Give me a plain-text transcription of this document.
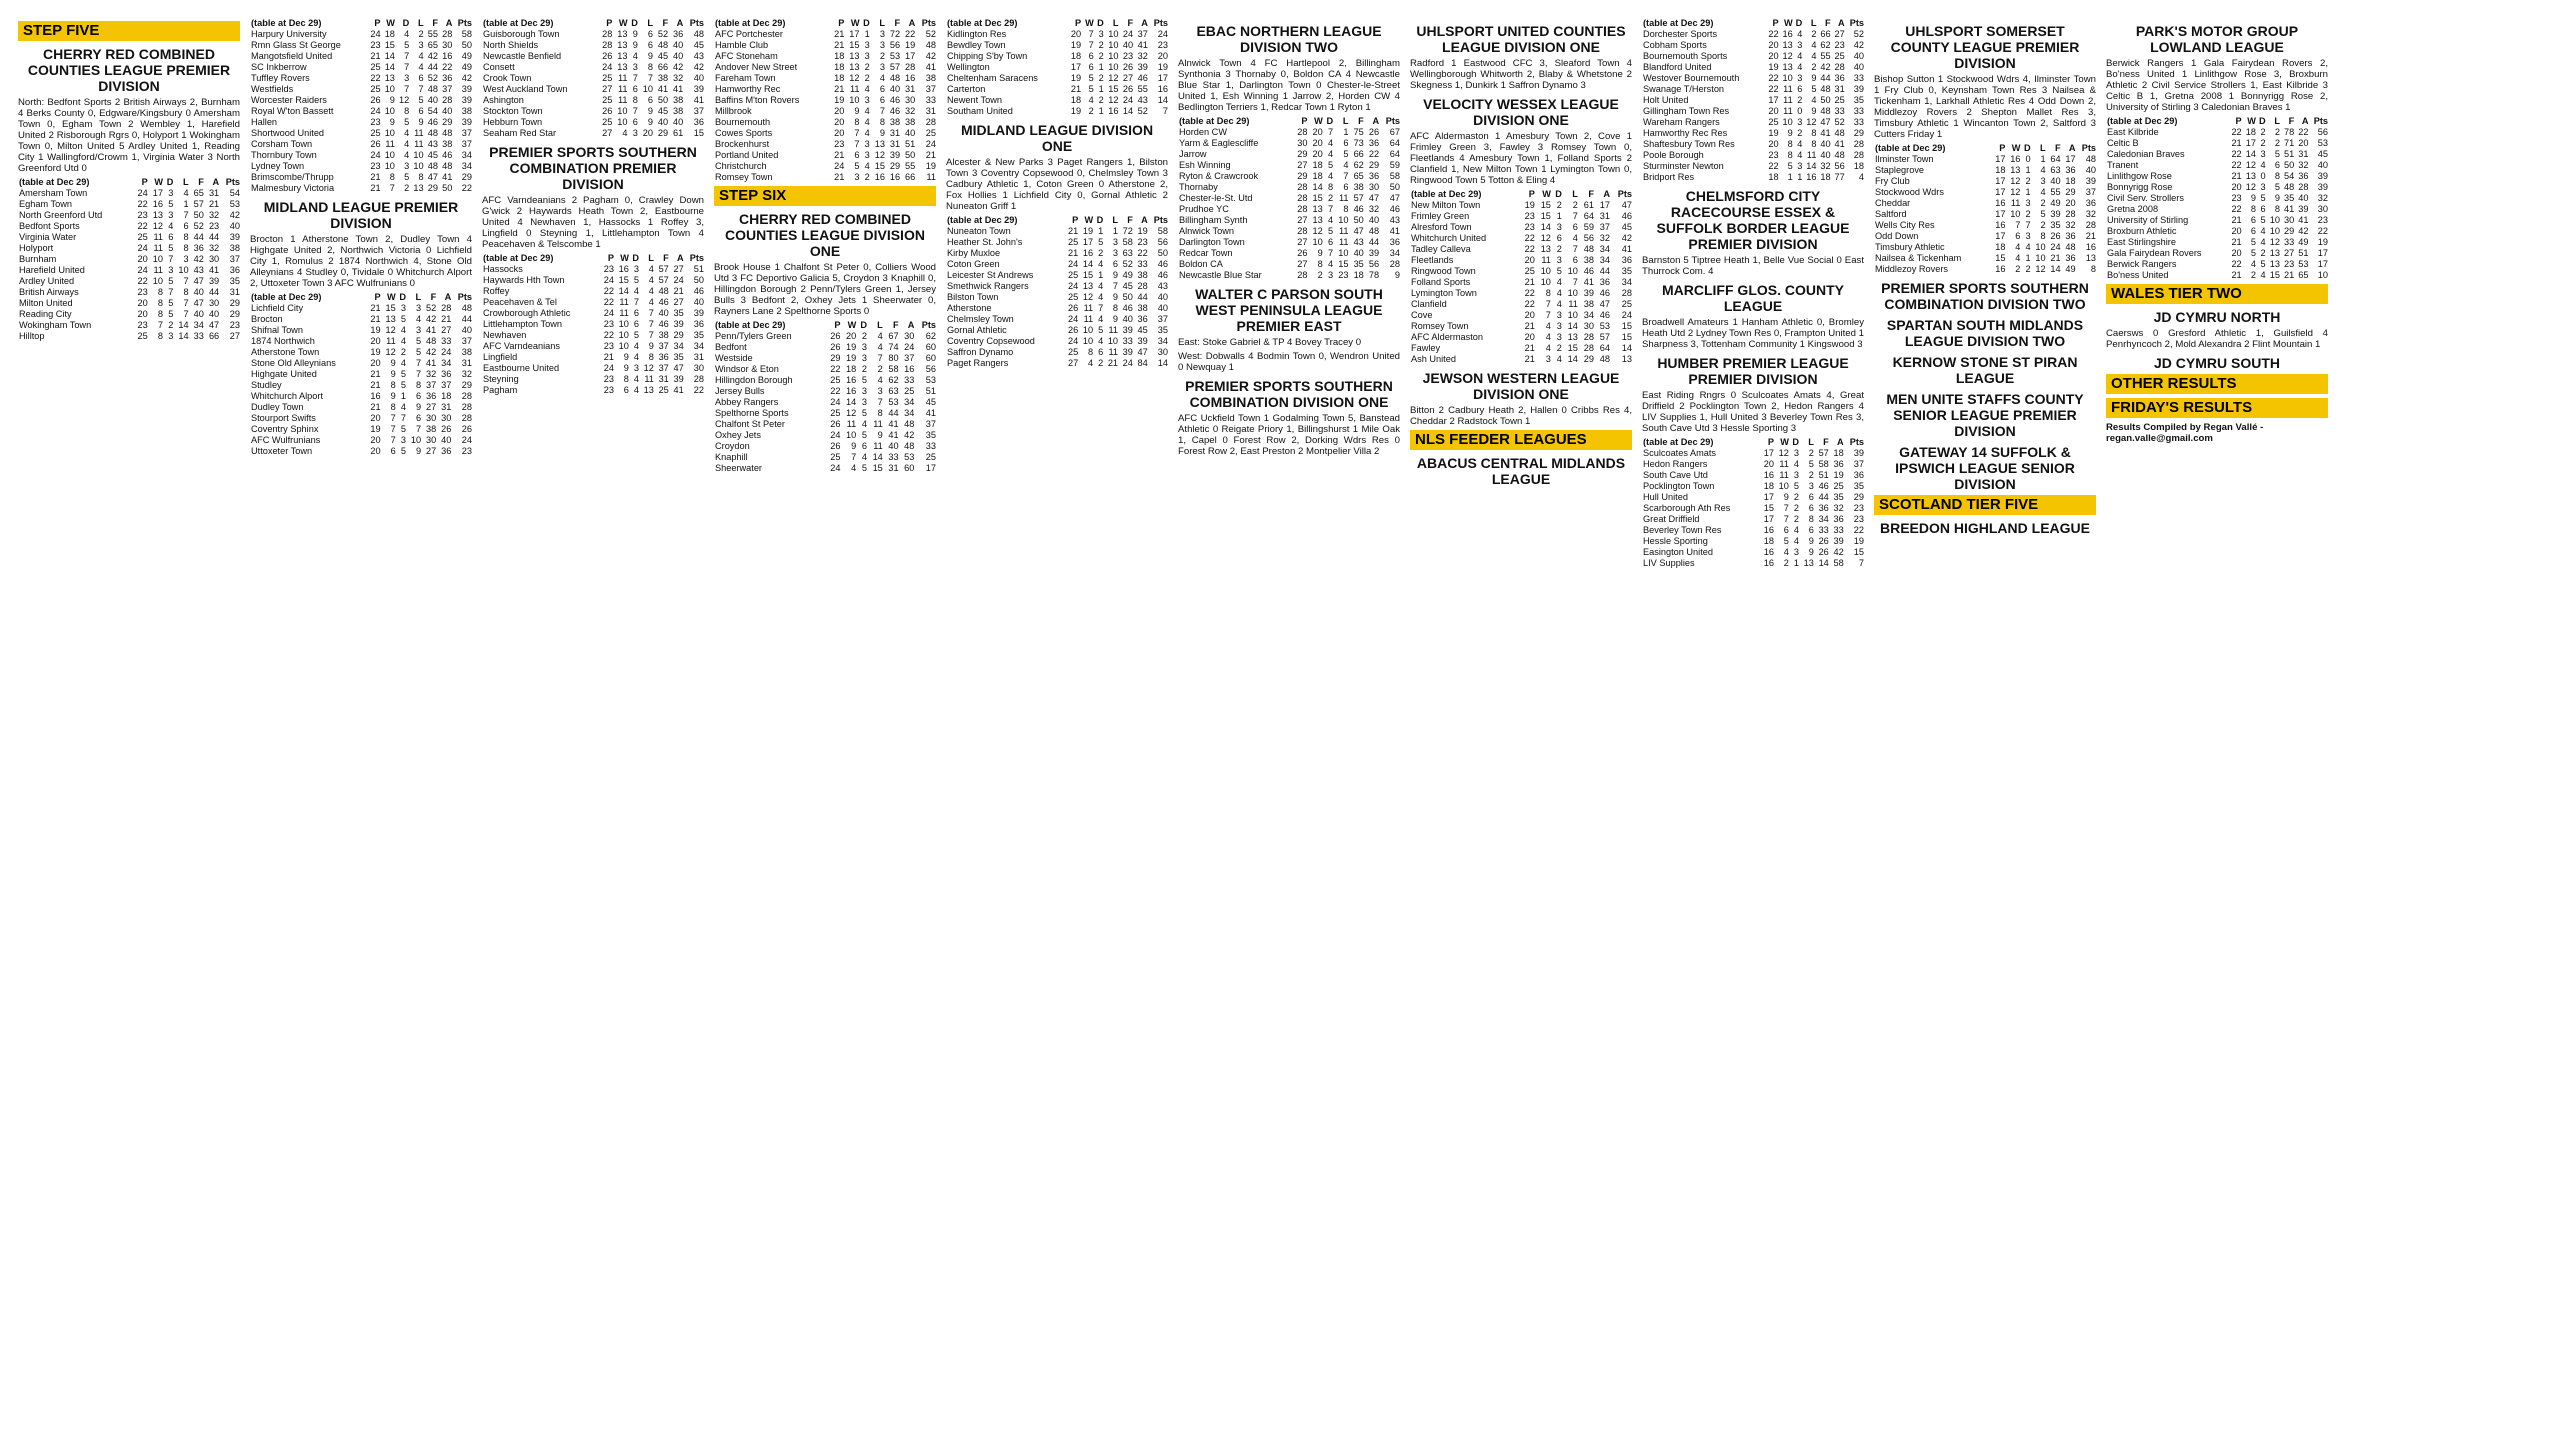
STEP FIVE
CHERRY RED COMBINED COUNTIES LEAGUE PREMIER DIVISION
North: Bedfont Sports 2 British Airways 2, Burnham 4 Berks County 0, Edgware/Kingsbury 0 Amersham Town 0, Egham Town 2 Wembley 1, Harefield United 2 Risborough Rgrs 0, Holyport 1 Wokingham Town 0, Milton United 5 Ardley United 1, Reading City 1 Wallingford/Crowm 1, Virginia Water 3 North Greenford Utd 0
(table at Dec 29)	P	W	D	L	F	A	Pts
Amersham Town	24	17	3	4	65	31	54
Egham Town	22	16	5	1	57	21	53
North Greenford Utd	23	13	3	7	50	32	42
Bedfont Sports	22	12	4	6	52	23	40
Virginia Water	25	11	6	8	44	44	39
Holyport	24	11	5	8	36	32	38
Burnham	20	10	7	3	42	30	37
Harefield United	24	11	3	10	43	41	36
Ardley United	22	10	5	7	47	39	35
British Airways	23	8	7	8	40	44	31
Milton United	20	8	5	7	47	30	29
Reading City	20	8	5	7	40	40	29
Wokingham Town	23	7	2	14	34	47	23
Hilltop	25	8	3	14	33	66	27
(table at Dec 29)	P	W	D	L	F	A	Pts
Harpury University	24	18	4	2	55	28	58
Rmn Glass St George	23	15	5	3	65	30	50
Mangotsfield United	21	14	7	4	42	16	49
SC Inkberrow	25	14	7	4	44	22	49
Tuffley Rovers	22	13	3	6	52	36	42
Westfields	25	10	7	7	48	37	39
Worcester Raiders	26	9	12	5	40	28	39
Royal W'ton Bassett	24	10	8	6	54	40	38
Hallen	23	9	5	9	46	29	39
Shortwood United	25	10	4	11	48	48	37
Corsham Town	26	11	4	11	43	38	37
Thornbury Town	24	10	4	10	45	46	34
Lydney Town	23	10	3	10	48	48	34
Brimscombe/Thrupp	21	8	5	8	47	41	29
Malmesbury Victoria	21	7	2	13	29	50	22
MIDLAND LEAGUE PREMIER DIVISION
Brocton 1 Atherstone Town 2, Dudley Town 4 Highgate United 2, Northwich Victoria 0 Lichfield City 1, Romulus 2 1874 Northwich 4, Stone Old Alleynians 4 Studley 0, Tividale 0 Whitchurch Alport 2, Uttoxeter Town 3 AFC Wulfrunians 0
(table at Dec 29)	P	W	D	L	F	A	Pts
Lichfield City	21	15	3	3	52	28	48
Brocton	21	13	5	4	42	21	44
Shifnal Town	19	12	4	3	41	27	40
1874 Northwich	20	11	4	5	48	33	37
Atherstone Town	19	12	2	5	42	24	38
Stone Old Alleynians	20	9	4	7	41	34	31
Highgate United	21	9	5	7	32	36	32
Studley	21	8	5	8	37	37	29
Whitchurch Alport	16	9	1	6	36	18	28
Dudley Town	21	8	4	9	27	31	28
Stourport Swifts	20	7	7	6	30	30	28
Coventry Sphinx	19	7	5	7	38	26	26
AFC Wulfrunians	20	7	3	10	30	40	24
Uttoxeter Town	20	6	5	9	27	36	23
(table at Dec 29)	P	W	D	L	F	A	Pts
Guisborough Town	28	13	9	6	52	36	48
North Shields	28	13	9	6	48	40	45
Newcastle Benfield	26	13	4	9	45	40	43
Consett	24	13	3	8	66	42	42
Crook Town	25	11	7	7	38	32	40
West Auckland Town	27	11	6	10	41	41	39
Ashington	25	11	8	6	50	38	41
Stockton Town	26	10	7	9	45	38	37
Hebburn Town	25	10	6	9	40	40	36
Seaham Red Star	27	4	3	20	29	61	15
PREMIER SPORTS SOUTHERN COMBINATION PREMIER DIVISION
AFC Varndeanians 2 Pagham 0, Crawley Down G'wick 2 Haywards Heath Town 2, Eastbourne United 4 Newhaven 1, Hassocks 1 Roffey 3, Lingfield 0 Steyning 1, Littlehampton Town 4 Peacehaven & Telscombe 1
(table at Dec 29)	P	W	D	L	F	A	Pts
Hassocks	23	16	3	4	57	27	51
Haywards Hth Town	24	15	5	4	57	24	50
Roffey	22	14	4	4	48	21	46
Peacehaven & Tel	22	11	7	4	46	27	40
Crowborough Athletic	24	11	6	7	40	35	39
Littlehampton Town	23	10	6	7	46	39	36
Newhaven	22	10	5	7	38	29	35
AFC Varndeanians	23	10	4	9	37	34	34
Lingfield	21	9	4	8	36	35	31
Eastbourne United	24	9	3	12	37	47	30
Steyning	23	8	4	11	31	39	28
Pagham	23	6	4	13	25	41	22
(table at Dec 29)	P	W	D	L	F	A	Pts
AFC Portchester	21	17	1	3	72	22	52
Hamble Club	21	15	3	3	56	19	48
AFC Stoneham	18	13	3	2	53	17	42
Andover New Street	18	13	2	3	57	28	41
Fareham Town	18	12	2	4	48	16	38
Hamworthy Rec	21	11	4	6	40	31	37
Baffins M'ton Rovers	19	10	3	6	46	30	33
Millbrook	20	9	4	7	46	32	31
Bournemouth	20	8	4	8	38	38	28
Cowes Sports	20	7	4	9	31	40	25
Brockenhurst	23	7	3	13	31	51	24
Portland United	21	6	3	12	39	50	21
Christchurch	24	5	4	15	29	55	19
Romsey Town	21	3	2	16	16	66	11
STEP SIX
CHERRY RED COMBINED COUNTIES LEAGUE DIVISION ONE
Brook House 1 Chalfont St Peter 0, Colliers Wood Utd 3 FC Deportivo Galicia 5, Croydon 3 Knaphill 0, Hillingdon Borough 2 Penn/Tylers Green 1, Jersey Bulls 3 Bedfont 2, Oxhey Jets 1 Sheerwater 0, Rayners Lane 2 Spelthorne Sports 0
(table at Dec 29)	P	W	D	L	F	A	Pts
Penn/Tylers Green	26	20	2	4	67	30	62
Bedfont	26	19	3	4	74	24	60
Westside	29	19	3	7	80	37	60
Windsor & Eton	22	18	2	2	58	16	56
Hillingdon Borough	25	16	5	4	62	33	53
Jersey Bulls	22	16	3	3	63	25	51
Abbey Rangers	24	14	3	7	53	34	45
Spelthorne Sports	25	12	5	8	44	34	41
Chalfont St Peter	26	11	4	11	41	48	37
Oxhey Jets	24	10	5	9	41	42	35
Croydon	26	9	6	11	40	48	33
Knaphill	25	7	4	14	33	53	25
Sheerwater	24	4	5	15	31	60	17
(table at Dec 29)	P	W	D	L	F	A	Pts
Kidlington Res	20	7	3	10	24	37	24
Bewdley Town	19	7	2	10	40	41	23
Chipping S'by Town	18	6	2	10	23	32	20
Wellington	17	6	1	10	26	39	19
Cheltenham Saracens	19	5	2	12	27	46	17
Carterton	21	5	1	15	26	55	16
Newent Town	18	4	2	12	24	43	14
Southam United	19	2	1	16	14	52	7
MIDLAND LEAGUE DIVISION ONE
Alcester & New Parks 3 Paget Rangers 1, Bilston Town 3 Coventry Copsewood 0, Chelmsley Town 3 Cadbury Athletic 1, Coton Green 0 Atherstone 2, Fox Hollies 1 Lichfield City 0, Gornal Athletic 2 Nuneaton Griff 1
(table at Dec 29)	P	W	D	L	F	A	Pts
Nuneaton Town	21	19	1	1	72	19	58
Heather St. John's	25	17	5	3	58	23	56
Kirby Muxloe	21	16	2	3	63	22	50
Coton Green	24	14	4	6	52	33	46
Leicester St Andrews	25	15	1	9	49	38	46
Smethwick Rangers	24	13	4	7	45	28	43
Bilston Town	25	12	4	9	50	44	40
Atherstone	26	11	7	8	46	38	40
Chelmsley Town	24	11	4	9	40	36	37
Gornal Athletic	26	10	5	11	39	45	35
Coventry Copsewood	24	10	4	10	33	39	34
Saffron Dynamo	25	8	6	11	39	47	30
Paget Rangers	27	4	2	21	24	84	14
EBAC NORTHERN LEAGUE DIVISION TWO
Alnwick Town 4 FC Hartlepool 2, Billingham Synthonia 3 Thornaby 0, Boldon CA 4 Newcastle Blue Star 1, Darlington Town 0 Chester-le-Street United 1, Esh Winning 1 Jarrow 2, Horden CW 4 Bedlington Terriers 1, Redcar Town 1 Ryton 1
(table at Dec 29)	P	W	D	L	F	A	Pts
Horden CW	28	20	7	1	75	26	67
Yarm & Eaglescliffe	30	20	4	6	73	36	64
Jarrow	29	20	4	5	66	22	64
Esh Winning	27	18	5	4	62	29	59
Ryton & Crawcrook	29	18	4	7	65	36	58
Thornaby	28	14	8	6	38	30	50
Chester-le-St. Utd	28	15	2	11	57	47	47
Prudhoe YC	28	13	7	8	46	32	46
Billingham Synth	27	13	4	10	50	40	43
Alnwick Town	28	12	5	11	47	48	41
Darlington Town	27	10	6	11	43	44	36
Redcar Town	26	9	7	10	40	39	34
Boldon CA	27	8	4	15	35	56	28
Newcastle Blue Star	28	2	3	23	18	78	9
WALTER C PARSON SOUTH WEST PENINSULA LEAGUE PREMIER EAST
East: Stoke Gabriel & TP 4 Bovey Tracey 0
West: Dobwalls 4 Bodmin Town 0, Wendron United 0 Newquay 1
PREMIER SPORTS SOUTHERN COMBINATION DIVISION ONE
AFC Uckfield Town 1 Godalming Town 5, Banstead Athletic 0 Reigate Priory 1, Billingshurst 1 Mile Oak 1, Capel 0 Forest Row 2, Dorking Wdrs Res 0 Forest Row 2, East Preston 2 Montpelier Villa 2
UHLSPORT UNITED COUNTIES LEAGUE DIVISION ONE
Radford 1 Eastwood CFC 3, Sleaford Town 4 Wellingborough Whitworth 2, Blaby & Whetstone 2 Skegness 1, Dunkirk 1 Saffron Dynamo 3
VELOCITY WESSEX LEAGUE DIVISION ONE
AFC Aldermaston 1 Amesbury Town 2, Cove 1 Frimley Green 3, Fawley 3 Romsey Town 0, Fleetlands 4 Amesbury Town 1, Folland Sports 2 Clanfield 1, New Milton Town 1 Lymington Town 0, Ringwood Town 5 Totton & Eling 4
(table at Dec 29)	P	W	D	L	F	A	Pts
New Milton Town	19	15	2	2	61	17	47
Frimley Green	23	15	1	7	64	31	46
Alresford Town	23	14	3	6	59	37	45
Whitchurch United	22	12	6	4	56	32	42
Tadley Calleva	22	13	2	7	48	34	41
Fleetlands	20	11	3	6	38	34	36
Ringwood Town	25	10	5	10	46	44	35
Folland Sports	21	10	4	7	41	36	34
Lymington Town	22	8	4	10	39	46	28
Clanfield	22	7	4	11	38	47	25
Cove	20	7	3	10	34	46	24
Romsey Town	21	4	3	14	30	53	15
AFC Aldermaston	20	4	3	13	28	57	15
Fawley	21	4	2	15	28	64	14
Ash United	21	3	4	14	29	48	13
JEWSON WESTERN LEAGUE DIVISION ONE
Bitton 2 Cadbury Heath 2, Hallen 0 Cribbs Res 4, Cheddar 2 Radstock Town 1
NLS FEEDER LEAGUES
ABACUS CENTRAL MIDLANDS LEAGUE
(table at Dec 29)	P	W	D	L	F	A	Pts
Dorchester Sports	22	16	4	2	66	27	52
Cobham Sports	20	13	3	4	62	23	42
Bournemouth Sports	20	12	4	4	55	25	40
Blandford United	19	13	4	2	42	28	40
Westover Bournemouth	22	10	3	9	44	36	33
Swanage T/Herston	22	11	6	5	48	31	39
Holt United	17	11	2	4	50	25	35
Gillingham Town Res	20	11	0	9	48	33	33
Wareham Rangers	25	10	3	12	47	52	33
Hamworthy Rec Res	19	9	2	8	41	48	29
Shaftesbury Town Res	20	8	4	8	40	41	28
Poole Borough	23	8	4	11	40	48	28
Sturminster Newton	22	5	3	14	32	56	18
Bridport Res	18	1	1	16	18	77	4
CHELMSFORD CITY RACECOURSE ESSEX & SUFFOLK BORDER LEAGUE PREMIER DIVISION
Barnston 5 Tiptree Heath 1, Belle Vue Social 0 East Thurrock Com. 4
MARCLIFF GLOS. COUNTY LEAGUE
Broadwell Amateurs 1 Hanham Athletic 0, Bromley Heath Utd 2 Lydney Town Res 0, Frampton United 1 Sharpness 3, Tottenham Community 1 Kingswood 3
HUMBER PREMIER LEAGUE PREMIER DIVISION
East Riding Rngrs 0 Sculcoates Amats 4, Great Driffield 2 Pocklington Town 2, Hedon Rangers 4 LIV Supplies 1, Hull United 3 Beverley Town Res 3, South Cave Utd 3 Hessle Sporting 3
(table at Dec 29)	P	W	D	L	F	A	Pts
Sculcoates Amats	17	12	3	2	57	18	39
Hedon Rangers	20	11	4	5	58	36	37
South Cave Utd	16	11	3	2	51	19	36
Pocklington Town	18	10	5	3	46	25	35
Hull United	17	9	2	6	44	35	29
Scarborough Ath Res	15	7	2	6	36	32	23
Great Driffield	17	7	2	8	34	36	23
Beverley Town Res	16	6	4	6	33	33	22
Hessle Sporting	18	5	4	9	26	39	19
Easington United	16	4	3	9	26	42	15
LIV Supplies	16	2	1	13	14	58	7
UHLSPORT SOMERSET COUNTY LEAGUE PREMIER DIVISION
Bishop Sutton 1 Stockwood Wdrs 4, Ilminster Town 1 Fry Club 0, Keynsham Town Res 3 Nailsea & Tickenham 1, Larkhall Athletic Res 4 Odd Down 2, Middlezoy Rovers 2 Shepton Mallet Res 3, Timsbury Athletic 1 Wincanton Town 2, Saltford 3 Cutters Friday 1
(table at Dec 29)	P	W	D	L	F	A	Pts
Ilminster Town	17	16	0	1	64	17	48
Staplegrove	18	13	1	4	63	36	40
Fry Club	17	12	2	3	40	18	39
Stockwood Wdrs	17	12	1	4	55	29	37
Cheddar	16	11	3	2	49	20	36
Saltford	17	10	2	5	39	28	32
Wells City Res	16	7	7	2	35	32	28
Odd Down	17	6	3	8	26	36	21
Timsbury Athletic	18	4	4	10	24	48	16
Nailsea & Tickenham	15	4	1	10	21	36	13
Middlezoy Rovers	16	2	2	12	14	49	8
PREMIER SPORTS SOUTHERN COMBINATION DIVISION TWO
SPARTAN SOUTH MIDLANDS LEAGUE DIVISION TWO
KERNOW STONE ST PIRAN LEAGUE
MEN UNITE STAFFS COUNTY SENIOR LEAGUE PREMIER DIVISION
GATEWAY 14 SUFFOLK & IPSWICH LEAGUE SENIOR DIVISION
SCOTLAND TIER FIVE
BREEDON HIGHLAND LEAGUE
PARK'S MOTOR GROUP LOWLAND LEAGUE
Berwick Rangers 1 Gala Fairydean Rovers 2, Bo'ness United 1 Linlithgow Rose 3, Broxburn Athletic 2 Civil Service Strollers 1, East Kilbride 3 Celtic B 1, Gretna 2008 1 Bonnyrigg Rose 2, University of Stirling 3 Caledonian Braves 1
(table at Dec 29)	P	W	D	L	F	A	Pts
East Kilbride	22	18	2	2	78	22	56
Celtic B	21	17	2	2	71	20	53
Caledonian Braves	22	14	3	5	51	31	45
Tranent	22	12	4	6	50	32	40
Linlithgow Rose	21	13	0	8	54	36	39
Bonnyrigg Rose	20	12	3	5	48	28	39
Civil Serv. Strollers	23	9	5	9	35	40	32
Gretna 2008	22	8	6	8	41	39	30
University of Stirling	21	6	5	10	30	41	23
Broxburn Athletic	20	6	4	10	29	42	22
East Stirlingshire	21	5	4	12	33	49	19
Gala Fairydean Rovers	20	5	2	13	27	51	17
Berwick Rangers	22	4	5	13	23	53	17
Bo'ness United	21	2	4	15	21	65	10
WALES TIER TWO
JD CYMRU NORTH
Caersws 0 Gresford Athletic 1, Guilsfield 4 Penrhyncoch 2, Mold Alexandra 2 Flint Mountain 1
JD CYMRU SOUTH
OTHER RESULTS
FRIDAY'S RESULTS
Results Compiled by Regan Vallé - regan.valle@gmail.com
